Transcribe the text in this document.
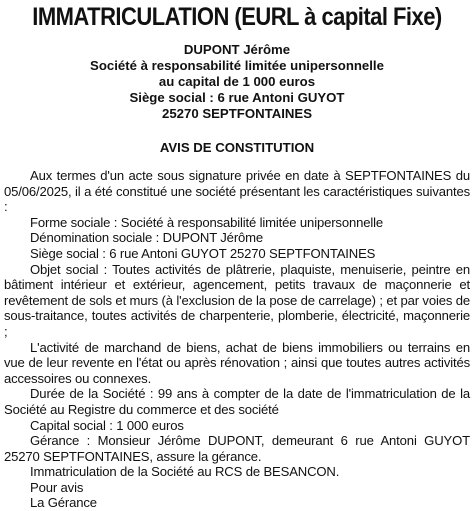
IMMATRICULATION (EURL à capital Fixe)
DUPONT Jérôme
Société à responsabilité limitée unipersonnelle
au capital de 1 000 euros
Siège social : 6 rue Antoni GUYOT
25270 SEPTFONTAINES
AVIS DE CONSTITUTION
Aux termes d'un acte sous signature privée en date à SEPTFONTAINES du 05/06/2025, il a été constitué une société présentant les caractéristiques suivantes :
Forme sociale : Société à responsabilité limitée unipersonnelle
Dénomination sociale : DUPONT Jérôme
Siège social : 6 rue Antoni GUYOT 25270 SEPTFONTAINES
Objet social : Toutes activités de plâtrerie, plaquiste, menuiserie, peintre en bâtiment intérieur et extérieur, agencement, petits travaux de maçonnerie et revêtement de sols et murs (à l'exclusion de la pose de carrelage) ; et par voies de sous-traitance, toutes activités de charpenterie, plomberie, électricité, maçonnerie ;
L'activité de marchand de biens, achat de biens immobiliers ou terrains en vue de leur revente en l'état ou après rénovation ; ainsi que toutes autres activités accessoires ou connexes.
Durée de la Société : 99 ans à compter de la date de l'immatriculation de la Société au Registre du commerce et des société
Capital social : 1 000 euros
Gérance : Monsieur Jérôme DUPONT, demeurant 6 rue Antoni GUYOT 25270 SEPTFONTAINES, assure la gérance.
Immatriculation de la Société au RCS de BESANCON.
Pour avis
La Gérance
